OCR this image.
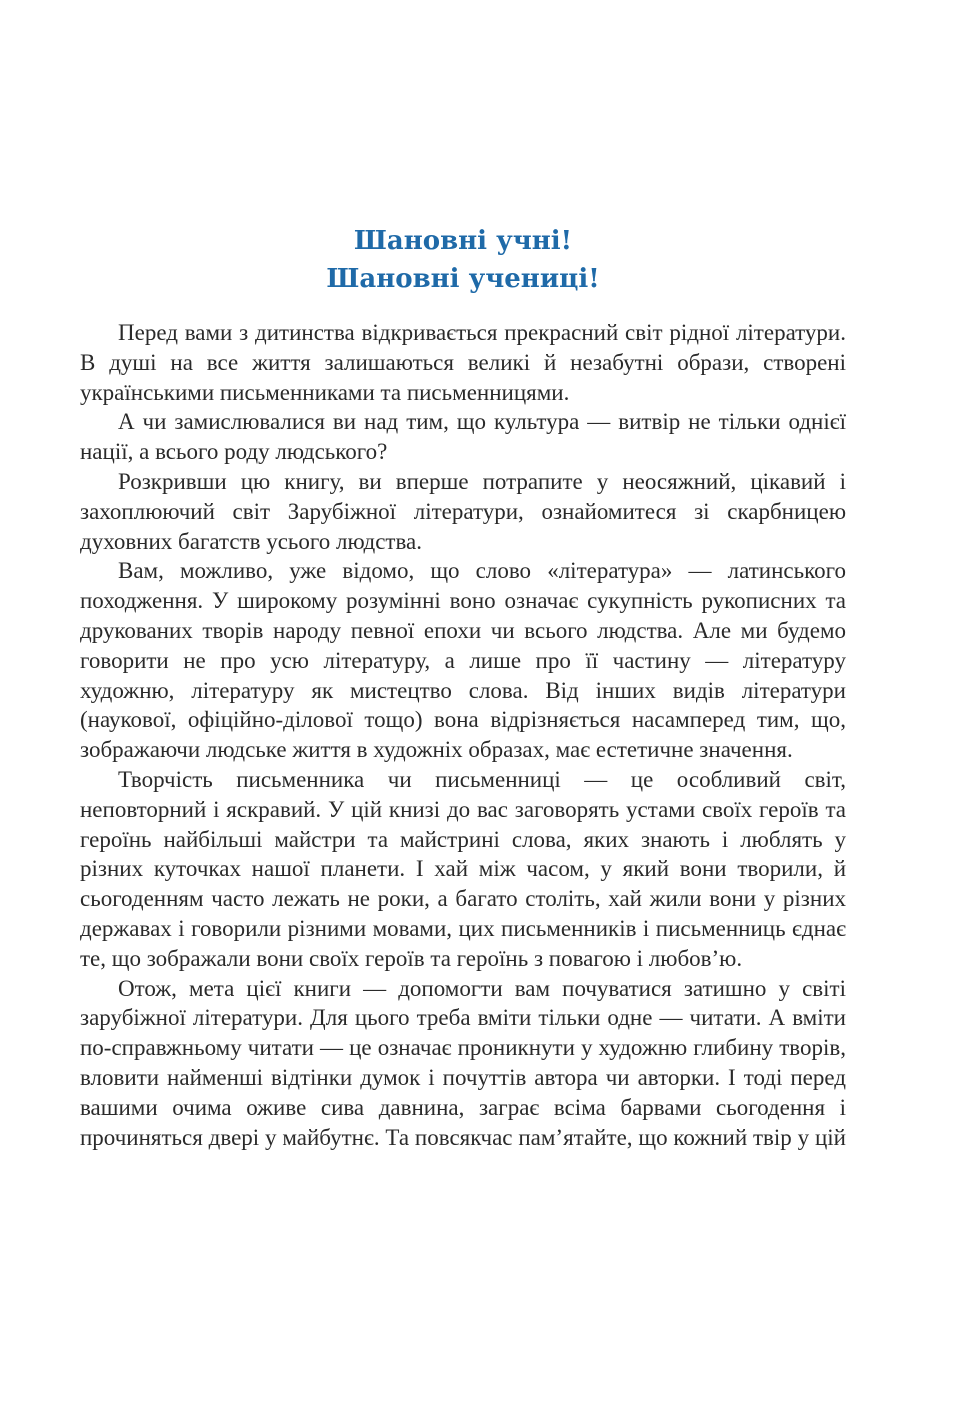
Шановні учні!
Шановні учениці!

Перед вами з дитинства відкривається прекрасний світ рідної літератури. В душі на все життя залишаються великі й незабутні образи, створені українськими письменниками та письменницями.

А чи замислювалися ви над тим, що культура — витвір не тільки однієї нації, а всього роду людського?

Розкривши цю книгу, ви вперше потрапите у неосяжний, цікавий і захоплюючий світ Зарубіжної літератури, ознайомитеся зі скарбницею духовних багатств усього людства.

Вам, можливо, уже відомо, що слово «література» — латинського походження. У широкому розумінні воно означає сукупність рукописних та друкованих творів народу певної епохи чи всього людства. Але ми будемо говорити не про усю літературу, а лише про її частину — літературу художню, літературу як мистецтво слова. Від інших видів літератури (наукової, офіційно-ділової тощо) вона відрізняється насамперед тим, що, зображаючи людське життя в художніх образах, має естетичне значення.

Творчість письменника чи письменниці — це особливий світ, неповторний і яскравий. У цій книзі до вас заговорять устами своїх героїв та героїнь найбільші майстри та майстрині слова, яких знають і люблять у різних куточках нашої планети. І хай між часом, у який вони творили, й сьогоденням часто лежать не роки, а багато століть, хай жили вони у різних державах і говорили різними мовами, цих письменників і письменниць єднає те, що зображали вони своїх героїв та героїнь з повагою і любов’ю.

Отож, мета цієї книги — допомогти вам почуватися затишно у світі зарубіжної літератури. Для цього треба вміти тільки одне — читати. А вміти по-справжньому читати — це означає проникнути у художню глибину творів, вловити найменші відтінки думок і почуттів автора чи авторки. І тоді перед вашими очима оживе сива давнина, заграє всіма барвами сьогодення і прочиняться двері у майбутнє. Та повсякчас пам’ятайте, що кожний твір у цій
